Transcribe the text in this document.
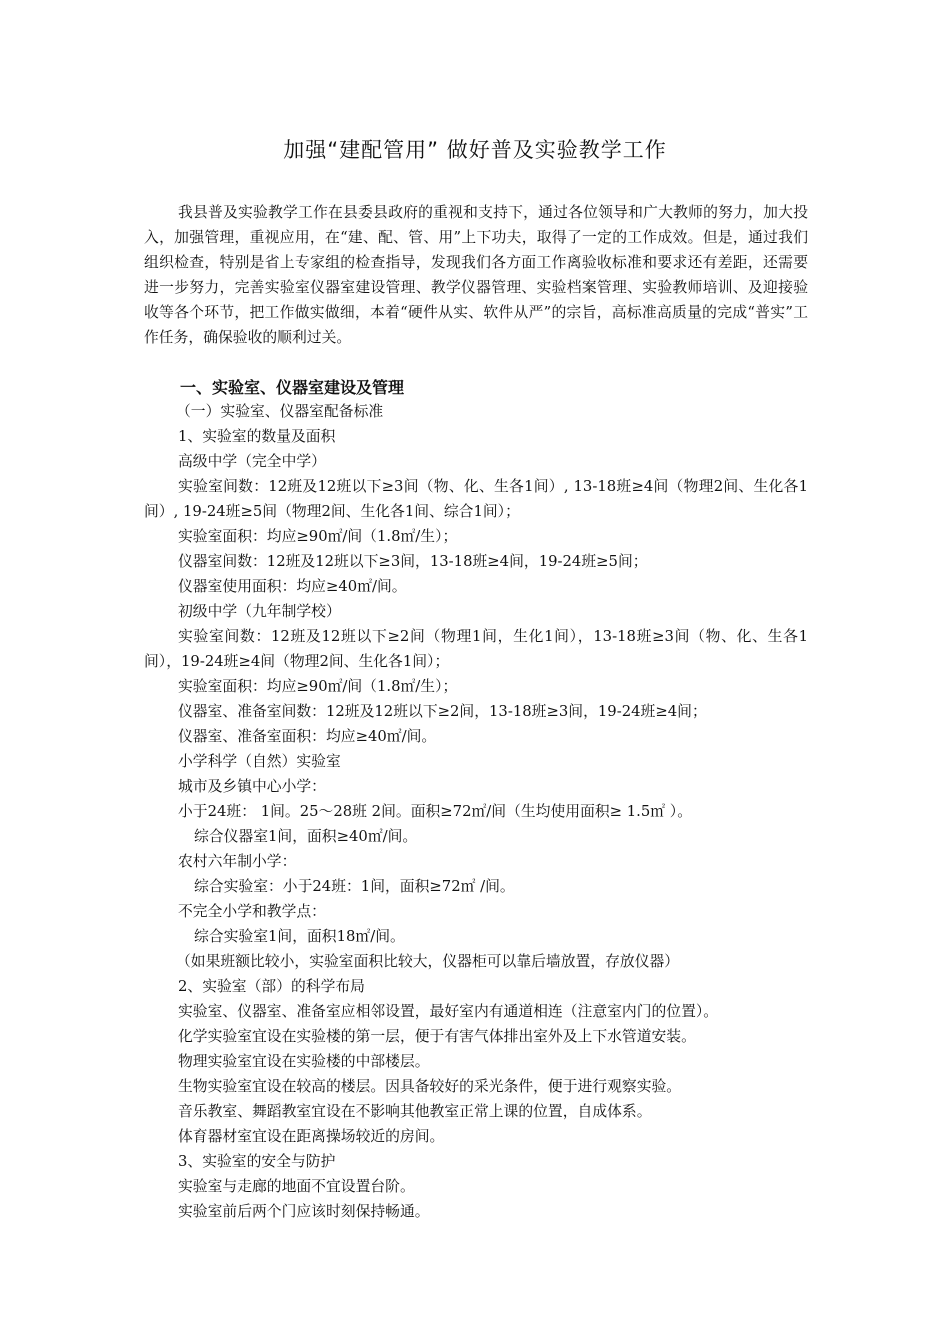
加强“建配管用” 做好普及实验教学工作

我县普及实验教学工作在县委县政府的重视和支持下，通过各位领导和广大教师的努力，加大投入，加强管理，重视应用，在“建、配、管、用”上下功夫，取得了一定的工作成效。但是，通过我们组织检查，特别是省上专家组的检查指导，发现我们各方面工作离验收标准和要求还有差距，还需要进一步努力，完善实验室仪器室建设管理、教学仪器管理、实验档案管理、实验教师培训、及迎接验收等各个环节，把工作做实做细，本着“硬件从实、软件从严”的宗旨，高标准高质量的完成“普实”工作任务，确保验收的顺利过关。

一、实验室、仪器室建设及管理
（一）实验室、仪器室配备标准
1、实验室的数量及面积
高级中学（完全中学）

实验室间数：12班及12班以下≥3间（物、化、生各1间）, 13-18班≥4间（物理2间、生化各1间）, 19-24班≥5间（物理2间、生化各1间、综合1间）；

实验室面积：均应≥90㎡/间（1.8㎡/生）；
仪器室间数：12班及12班以下≥3间，13-18班≥4间，19-24班≥5间；
仪器室使用面积：均应≥40㎡/间。
初级中学（九年制学校）

实验室间数：12班及12班以下≥2间（物理1间，生化1间），13-18班≥3间（物、化、生各1间），19-24班≥4间（物理2间、生化各1间）；

实验室面积：均应≥90㎡/间（1.8㎡/生）；
仪器室、准备室间数：12班及12班以下≥2间，13-18班≥3间，19-24班≥4间；
仪器室、准备室面积：均应≥40㎡/间。
小学科学（自然）实验室
城市及乡镇中心小学：
小于24班： 1间。25～28班 2间。面积≥72㎡/间（生均使用面积≥ 1.5㎡ ）。
综合仪器室1间，面积≥40㎡/间。
农村六年制小学：
综合实验室：小于24班：1间，面积≥72㎡ /间。
不完全小学和教学点：
综合实验室1间，面积18㎡/间。
（如果班额比较小，实验室面积比较大，仪器柜可以靠后墙放置，存放仪器）
2、实验室（部）的科学布局
实验室、仪器室、准备室应相邻设置，最好室内有通道相连（注意室内门的位置）。
化学实验室宜设在实验楼的第一层，便于有害气体排出室外及上下水管道安装。
物理实验室宜设在实验楼的中部楼层。
生物实验室宜设在较高的楼层。因具备较好的采光条件，便于进行观察实验。
音乐教室、舞蹈教室宜设在不影响其他教室正常上课的位置，自成体系。
体育器材室宜设在距离操场较近的房间。
3、实验室的安全与防护
实验室与走廊的地面不宜设置台阶。
实验室前后两个门应该时刻保持畅通。
